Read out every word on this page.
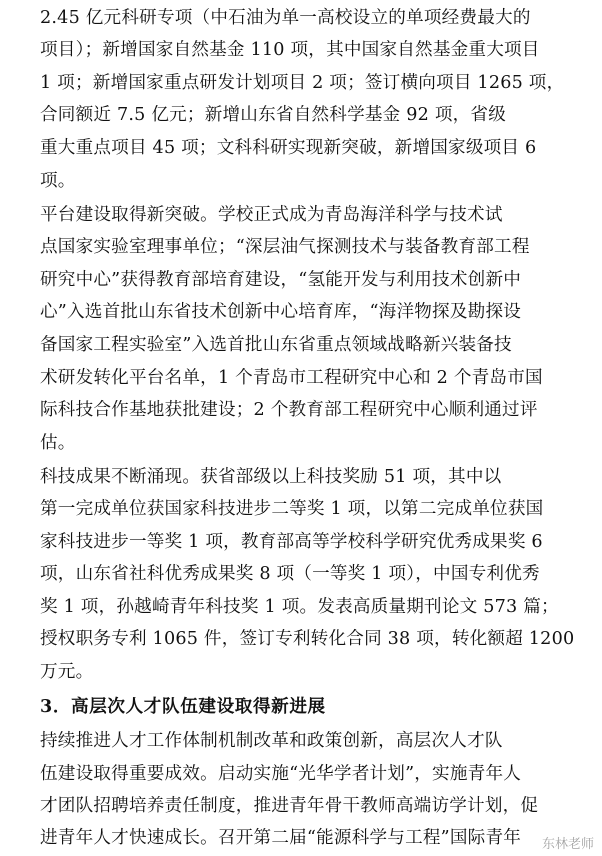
2.45 亿元科研专项（中石油为单一高校设立的单项经费最大的
项目）；新增国家自然基金 110 项，其中国家自然基金重大项目
1 项；新增国家重点研发计划项目 2 项；签订横向项目 1265 项，
合同额近 7.5 亿元；新增山东省自然科学基金 92 项，省级
重大重点项目 45 项；文科科研实现新突破，新增国家级项目 6
项。
平台建设取得新突破。学校正式成为青岛海洋科学与技术试
点国家实验室理事单位；“深层油气探测技术与装备教育部工程
研究中心”获得教育部培育建设，“氢能开发与利用技术创新中
心”入选首批山东省技术创新中心培育库，“海洋物探及勘探设
备国家工程实验室”入选首批山东省重点领域战略新兴装备技
术研发转化平台名单，1 个青岛市工程研究中心和 2 个青岛市国
际科技合作基地获批建设；2 个教育部工程研究中心顺利通过评
估。
科技成果不断涌现。获省部级以上科技奖励 51 项，其中以
第一完成单位获国家科技进步二等奖 1 项，以第二完成单位获国
家科技进步一等奖 1 项，教育部高等学校科学研究优秀成果奖 6
项，山东省社科优秀成果奖 8 项（一等奖 1 项），中国专利优秀
奖 1 项，孙越崎青年科技奖 1 项。发表高质量期刊论文 573 篇；
授权职务专利 1065 件，签订专利转化合同 38 项，转化额超 1200
万元。
3．高层次人才队伍建设取得新进展
持续推进人才工作体制机制改革和政策创新，高层次人才队
伍建设取得重要成效。启动实施“光华学者计划”，实施青年人
才团队招聘培养责任制度，推进青年骨干教师高端访学计划，促
进青年人才快速成长。召开第二届“能源科学与工程”国际青年	东林老师
